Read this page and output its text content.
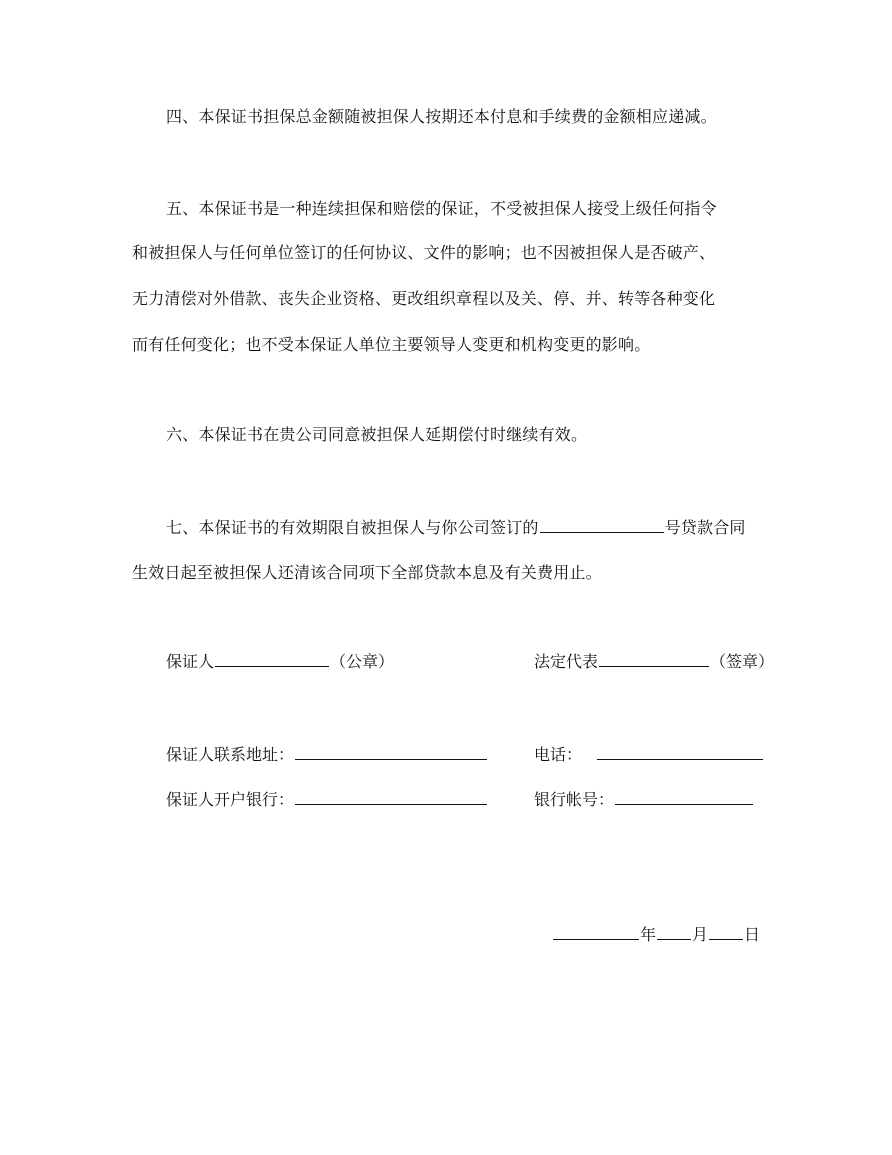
四、本保证书担保总金额随被担保人按期还本付息和手续费的金额相应递减。
五、本保证书是一种连续担保和赔偿的保证，不受被担保人接受上级任何指令
和被担保人与任何单位签订的任何协议、文件的影响；也不因被担保人是否破产、
无力清偿对外借款、丧失企业资格、更改组织章程以及关、停、并、转等各种变化
而有任何变化；也不受本保证人单位主要领导人变更和机构变更的影响。
六、本保证书在贵公司同意被担保人延期偿付时继续有效。
七、本保证书的有效期限自被担保人与你公司签订的	号贷款合同
生效日起至被担保人还清该合同项下全部贷款本息及有关费用止。
保证人	（公章）	法定代表	（签章）
保证人联系地址：	电话：
保证人开户银行：	银行帐号：
年 月 日
